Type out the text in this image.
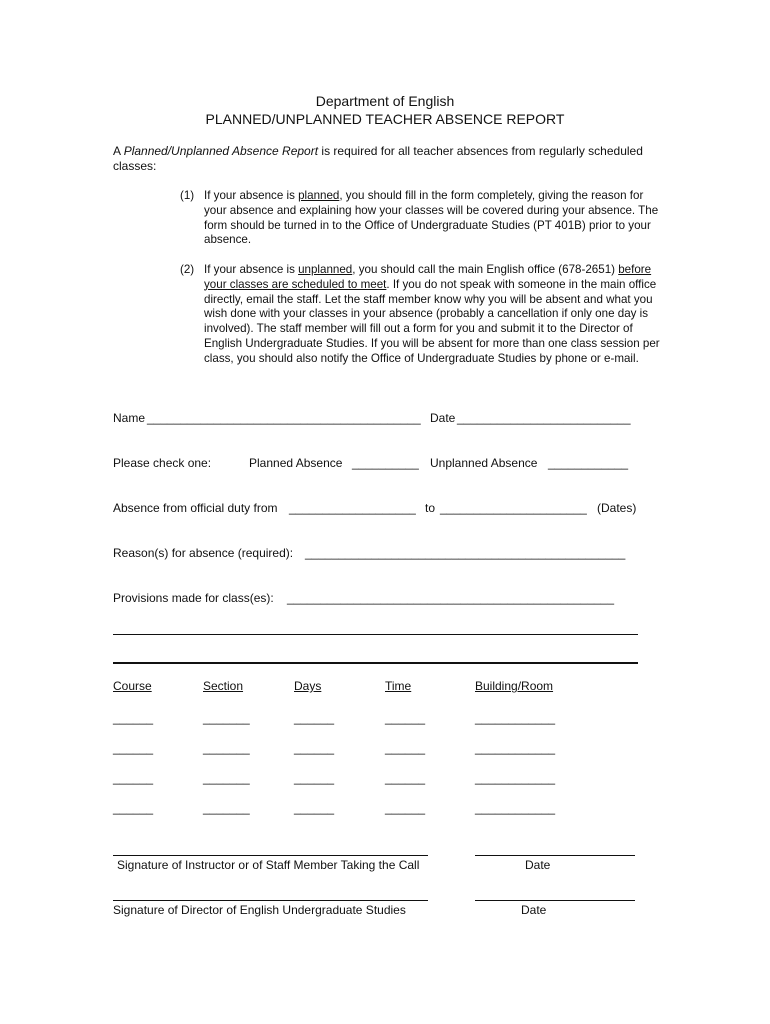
Department of English
PLANNED/UNPLANNED TEACHER ABSENCE REPORT
A Planned/Unplanned Absence Report is required for all teacher absences from regularly scheduled classes:
(1) If your absence is planned, you should fill in the form completely, giving the reason for your absence and explaining how your classes will be covered during your absence. The form should be turned in to the Office of Undergraduate Studies (PT 401B) prior to your absence.
(2) If your absence is unplanned, you should call the main English office (678-2651) before your classes are scheduled to meet. If you do not speak with someone in the main office directly, email the staff. Let the staff member know why you will be absent and what you wish done with your classes in your absence (probably a cancellation if only one day is involved). The staff member will fill out a form for you and submit it to the Director of English Undergraduate Studies. If you will be absent for more than one class session per class, you should also notify the Office of Undergraduate Studies by phone or e-mail.
Name _________________________________________ Date __________________________
Please check one:	Planned Absence __________ Unplanned Absence ____________
Absence from official duty from ___________________ to ______________________ (Dates)
Reason(s) for absence (required): ________________________________________________
Provisions made for class(es): _________________________________________________
Course	Section	Days	Time	Building/Room
______	_______	______	______	____________
______	_______	______	______	____________
______	_______	______	______	____________
______	_______	______	______	____________
Signature of Instructor or of Staff Member Taking the Call	Date
Signature of Director of English Undergraduate Studies	Date
